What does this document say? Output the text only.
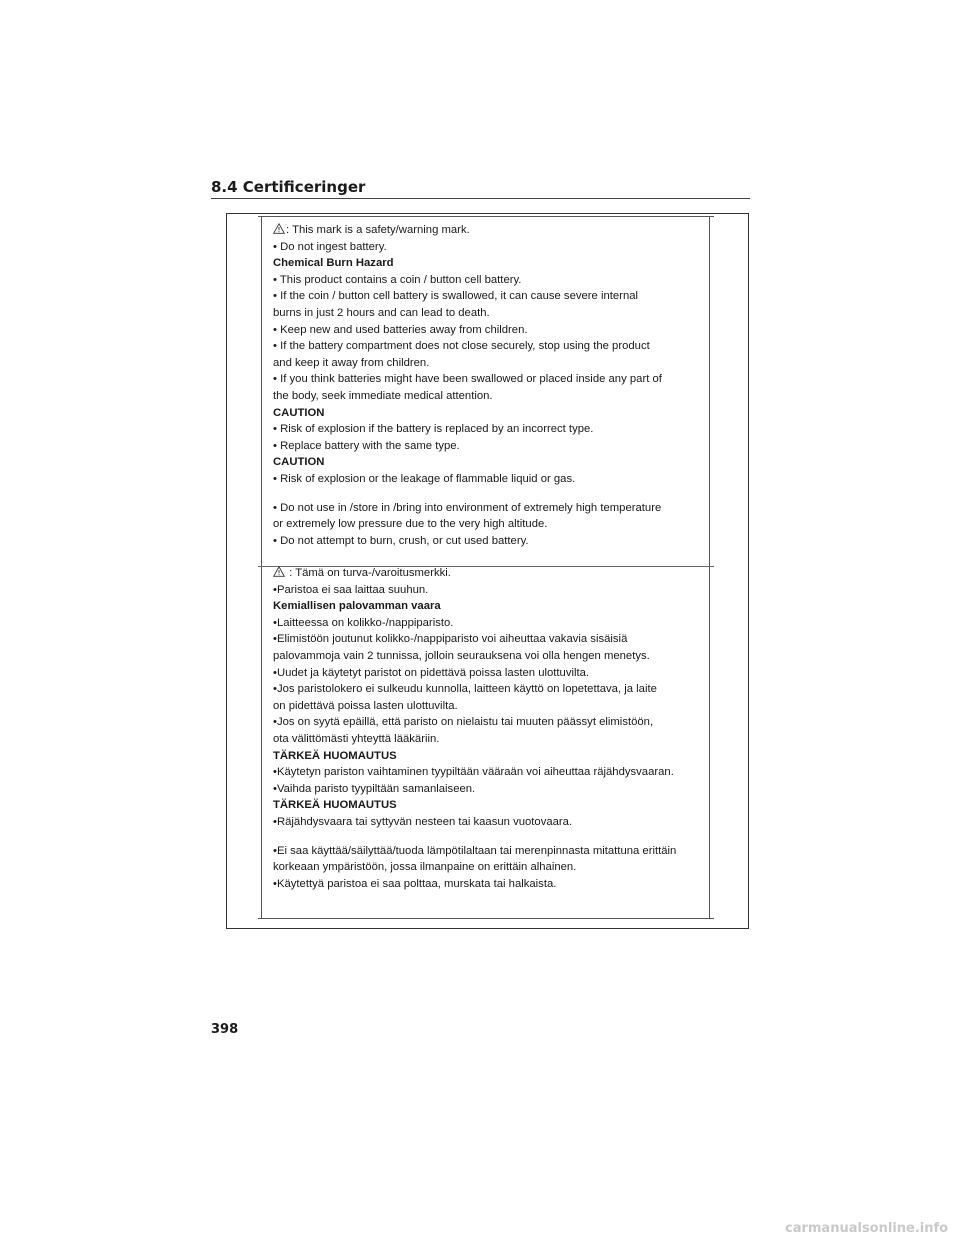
8.4 Certificeringer
: This mark is a safety/warning mark.
• Do not ingest battery.
Chemical Burn Hazard
• This product contains a coin / button cell battery.
• If the coin / button cell battery is swallowed, it can cause severe internal
burns in just 2 hours and can lead to death.
• Keep new and used batteries away from children.
• If the battery compartment does not close securely, stop using the product
and keep it away from children.
• If you think batteries might have been swallowed or placed inside any part of
the body, seek immediate medical attention.
CAUTION
• Risk of explosion if the battery is replaced by an incorrect type.
• Replace battery with the same type.
CAUTION
• Risk of explosion or the leakage of flammable liquid or gas.
• Do not use in /store in /bring into environment of extremely high temperature
or extremely low pressure due to the very high altitude.
• Do not attempt to burn, crush, or cut used battery.
: Tämä on turva-/varoitusmerkki.
•Paristoa ei saa laittaa suuhun.
Kemiallisen palovamman vaara
•Laitteessa on kolikko-/nappiparisto.
•Elimistöön joutunut kolikko-/nappiparisto voi aiheuttaa vakavia sisäisiä
palovammoja vain 2 tunnissa, jolloin seurauksena voi olla hengen menetys.
•Uudet ja käytetyt paristot on pidettävä poissa lasten ulottuvilta.
•Jos paristolokero ei sulkeudu kunnolla, laitteen käyttö on lopetettava, ja laite
on pidettävä poissa lasten ulottuvilta.
•Jos on syytä epäillä, että paristo on nielaistu tai muuten päässyt elimistöön,
ota välittömästi yhteyttä lääkäriin.
TÄRKEÄ HUOMAUTUS
•Käytetyn pariston vaihtaminen tyypiltään vääraän voi aiheuttaa räjähdysvaaran.
•Vaihda paristo tyypiltään samanlaiseen.
TÄRKEÄ HUOMAUTUS
•Räjähdysvaara tai syttyvän nesteen tai kaasun vuotovaara.
•Ei saa käyttää/säilyttää/tuoda lämpötilaltaan tai merenpinnasta mitattuna erittäin
korkeaan ympäristöön, jossa ilmanpaine on erittäin alhainen.
•Käytettyä paristoa ei saa polttaa, murskata tai halkaista.

398

carmanualsonline.info
